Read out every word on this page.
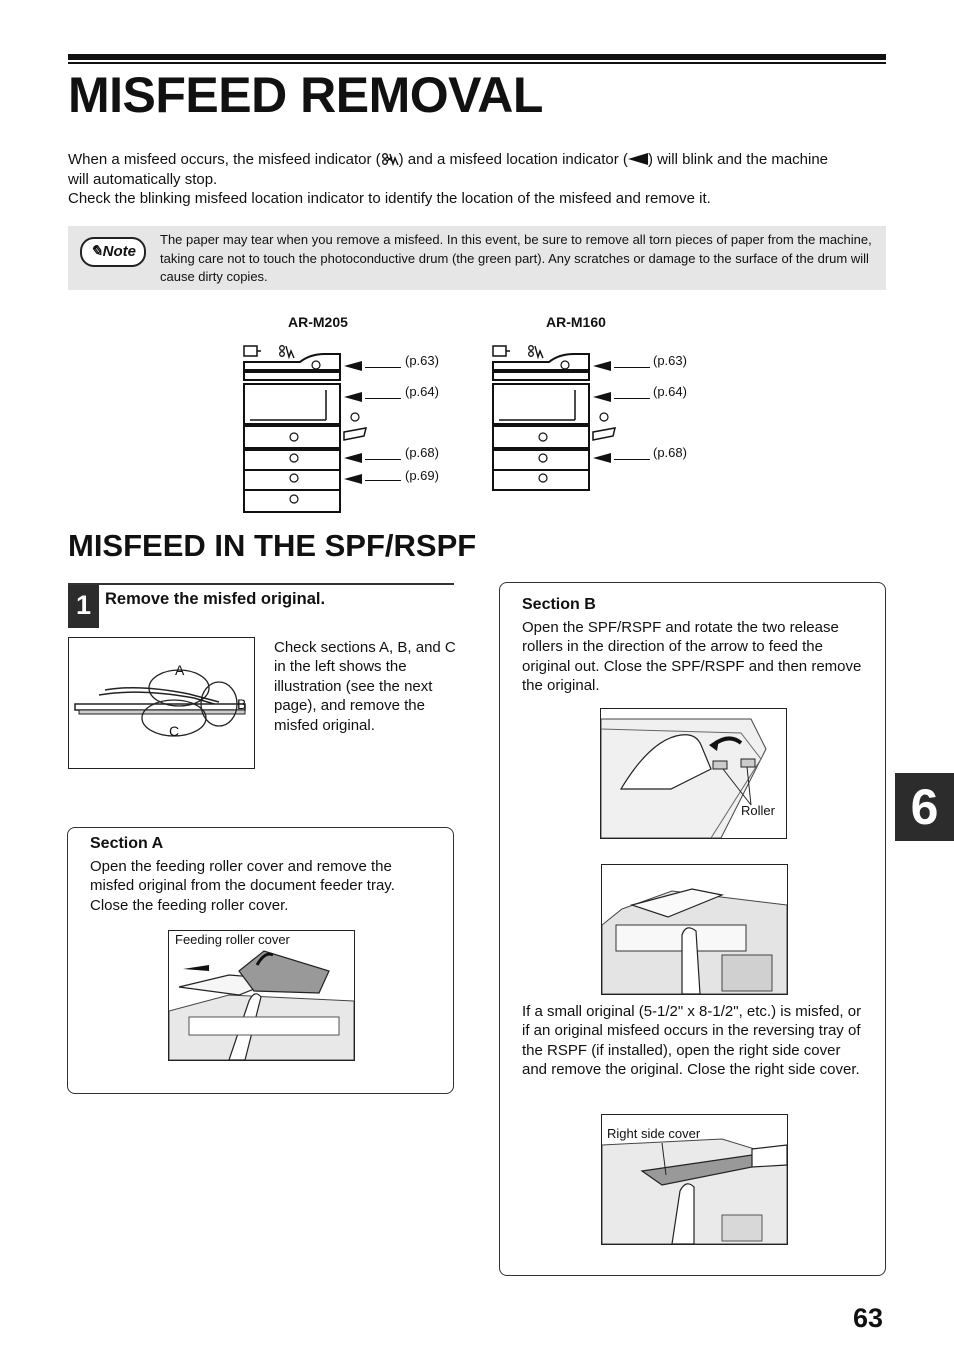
MISFEED REMOVAL
When a misfeed occurs, the misfeed indicator ( ) and a misfeed location indicator ( ) will blink and the machine
will automatically stop.
Check the blinking misfeed location indicator to identify the location of the misfeed and remove it.
✎Note
The paper may tear when you remove a misfeed. In this event, be sure to remove all torn pieces of paper from the machine, taking care not to touch the photoconductive drum (the green part). Any scratches or damage to the surface of the drum will cause dirty copies.
AR-M205	AR-M160
(p.63)
(p.64)
(p.68)
(p.69)
(p.63)
(p.64)
(p.68)
MISFEED IN THE SPF/RSPF
1 Remove the misfed original.
A
B
C
Check sections A, B, and C in the left shows the illustration (see the next page), and remove the misfed original.
Section A
Open the feeding roller cover and remove the misfed original from the document feeder tray. Close the feeding roller cover.
Feeding roller cover
Section B
Open the SPF/RSPF and rotate the two release rollers in the direction of the arrow to feed the original out. Close the SPF/RSPF and then remove the original.
Roller
If a small original (5-1/2" x 8-1/2", etc.) is misfed, or if an original misfeed occurs in the reversing tray of the RSPF (if installed), open the right side cover and remove the original. Close the right side cover.
Right side cover
6
63
